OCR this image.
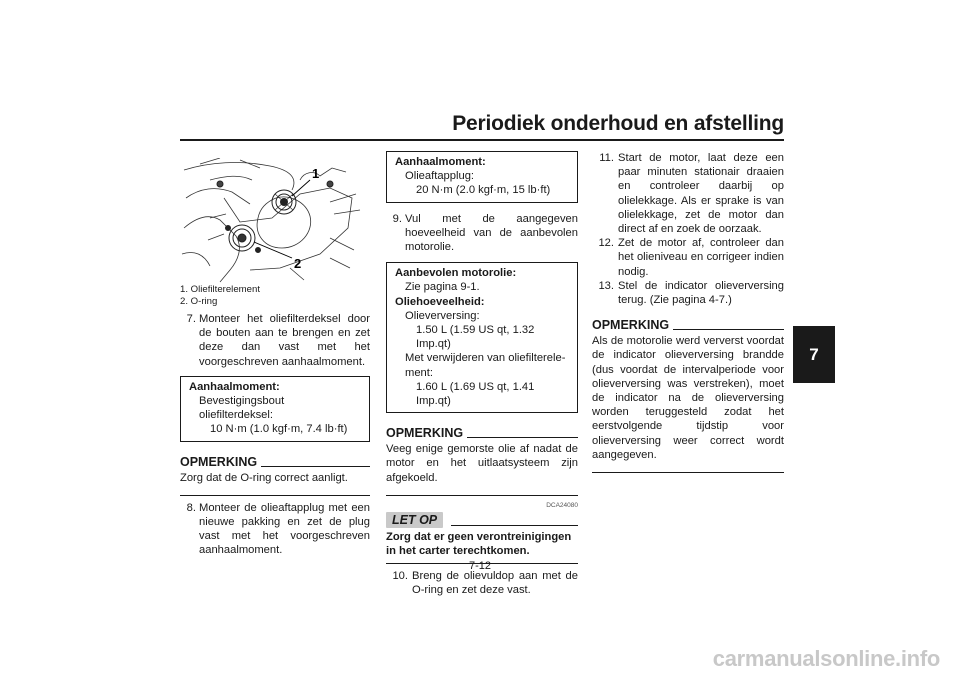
Periodiek onderhoud en afstelling
7
1
2
1. Oliefilterelement
2. O-ring

7. Monteer het oliefilterdeksel door de bouten aan te brengen en zet deze dan vast met het voorgeschreven aanhaalmoment.

Aanhaalmoment:
Bevestigingsbout oliefilterdeksel:
10 N·m (1.0 kgf·m, 7.4 lb·ft)
OPMERKING

Zorg dat de O-ring correct aanligt.

8. Monteer de olieaftapplug met een nieuwe pakking en zet de plug vast met het voorgeschreven aanhaalmoment.

Aanhaalmoment:
Olieaftapplug:
20 N·m (2.0 kgf·m, 15 lb·ft)

9. Vul met de aangegeven hoeveelheid van de aanbevolen motorolie.

Aanbevolen motorolie:
Zie pagina 9-1.
Oliehoeveelheid:
Olieverversing:
1.50 L (1.59 US qt, 1.32 Imp.qt)
Met verwijderen van oliefilterele-
ment:
1.60 L (1.69 US qt, 1.41 Imp.qt)
OPMERKING

Veeg enige gemorste olie af nadat de motor en het uitlaatsysteem zijn afgekoeld.

DCA24080
LET OP

Zorg dat er geen verontreinigingen in het carter terechtkomen.

10. Breng de olievuldop aan met de O-ring en zet deze vast.

11. Start de motor, laat deze een paar minuten stationair draaien en controleer daarbij op olielekkage. Als er sprake is van olielekkage, zet de motor dan direct af en zoek de oorzaak.

12. Zet de motor af, controleer dan het olieniveau en corrigeer indien nodig.

13. Stel de indicator olieverversing terug. (Zie pagina 4-7.)

OPMERKING

Als de motorolie werd ververst voordat de indicator olieverversing brandde (dus voordat de intervalperiode voor olieverversing was verstreken), moet de indicator na de olieverversing worden teruggesteld zodat het eerstvolgende tijdstip voor olieverversing weer correct wordt aangegeven.

7-12
carmanualsonline.info
